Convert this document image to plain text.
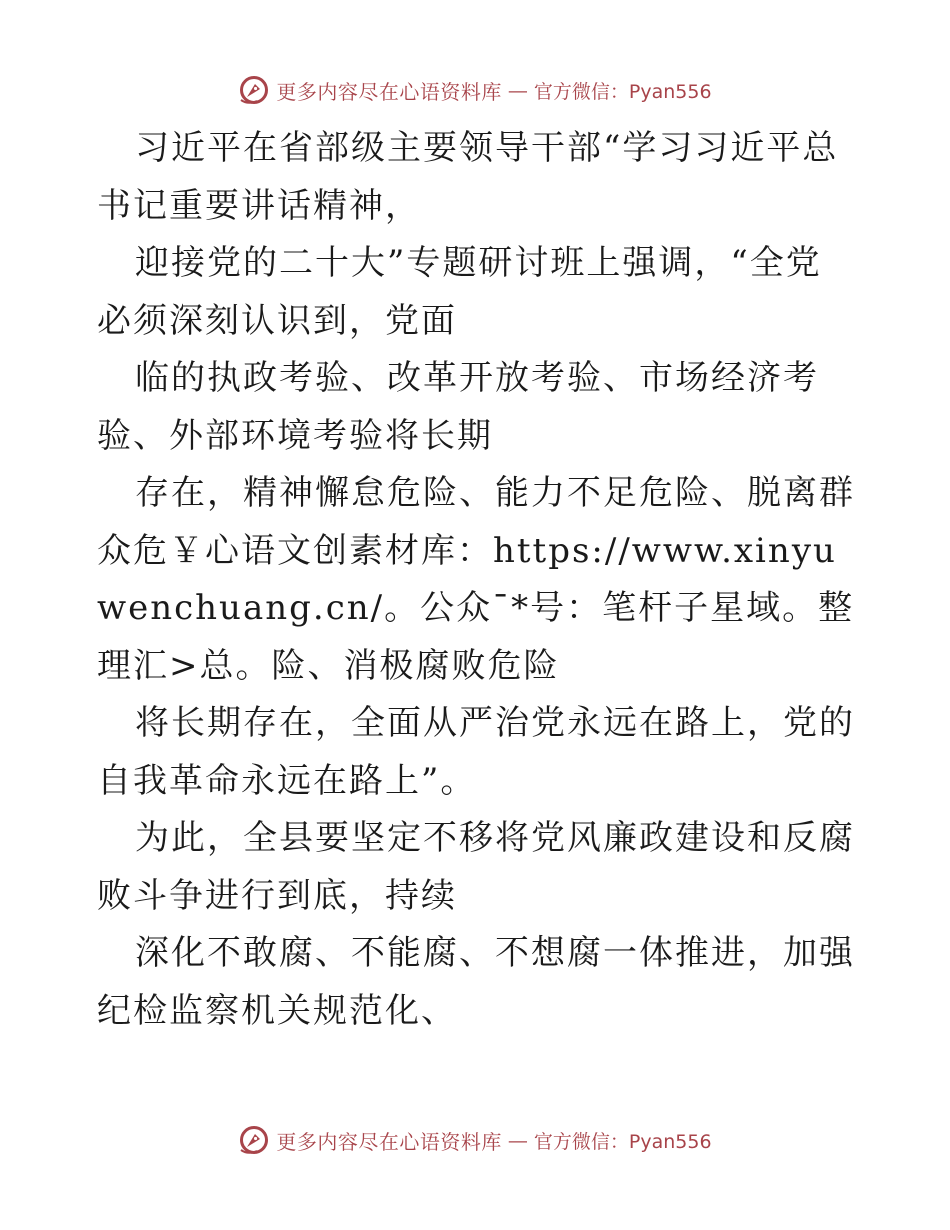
更多内容尽在心语资料库 — 官方微信：Pyan556

习近平在省部级主要领导干部“学习习近平总书记重要讲话精神，

迎接党的二十大”专题研讨班上强调，“全党必须深刻认识到，党面

临的执政考验、改革开放考验、市场经济考验、外部环境考验将长期

存在，精神懈怠危险、能力不足危险、脱离群众危￥心语文创素材库：https://www.xinyuwenchuang.cn/。公众¯*号：笔杆子星域。整理汇>总。险、消极腐败危险

将长期存在，全面从严治党永远在路上，党的自我革命永远在路上”。

为此，全县要坚定不移将党风廉政建设和反腐败斗争进行到底，持续

深化不敢腐、不能腐、不想腐一体推进，加强纪检监察机关规范化、

更多内容尽在心语资料库 — 官方微信：Pyan556
